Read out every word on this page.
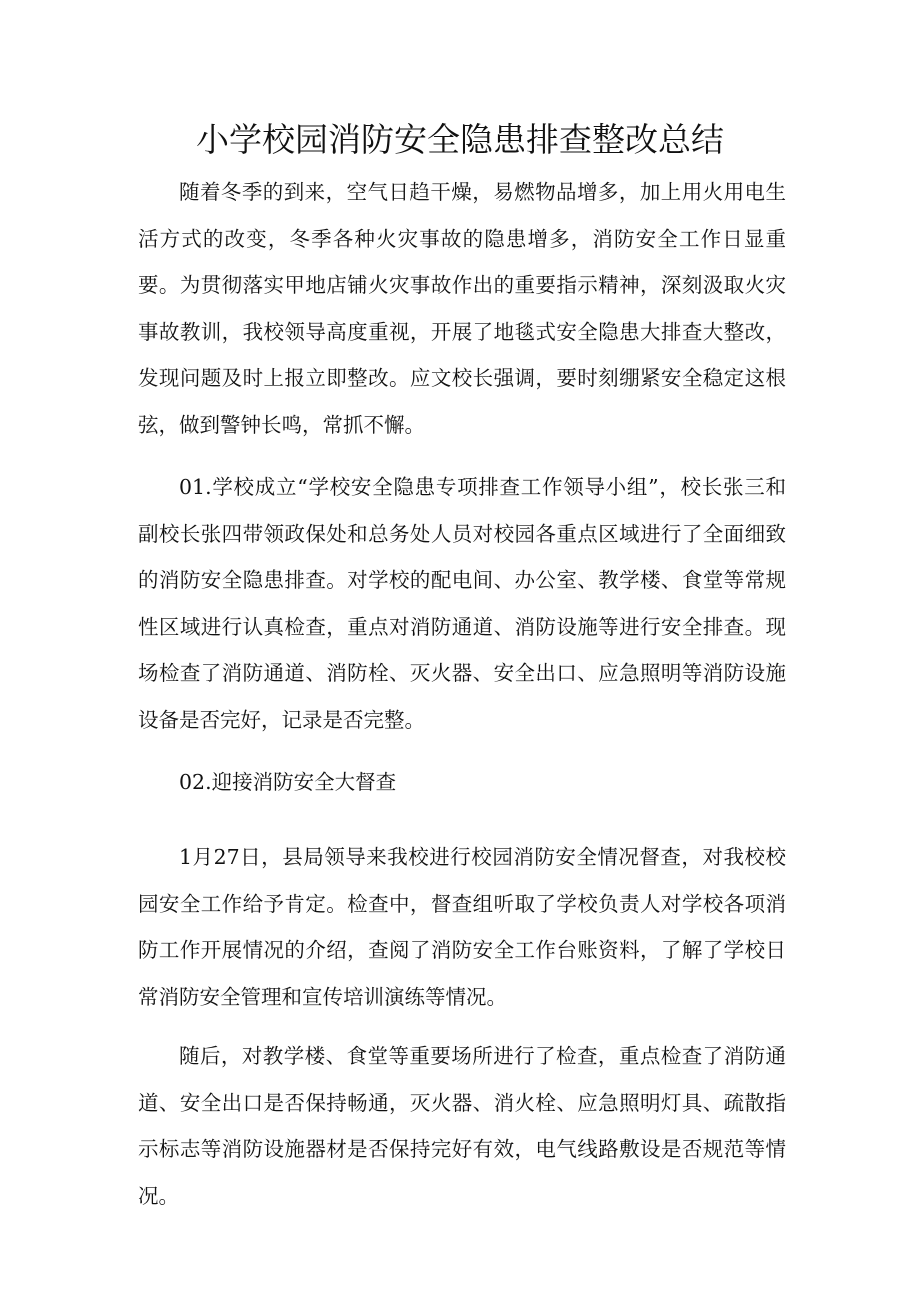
小学校园消防安全隐患排查整改总结

随着冬季的到来，空气日趋干燥，易燃物品增多，加上用火用电生活方式的改变，冬季各种火灾事故的隐患增多，消防安全工作日显重要。为贯彻落实甲地店铺火灾事故作出的重要指示精神，深刻汲取火灾事故教训，我校领导高度重视，开展了地毯式安全隐患大排查大整改，发现问题及时上报立即整改。应文校长强调，要时刻绷紧安全稳定这根弦，做到警钟长鸣，常抓不懈。

01.学校成立“学校安全隐患专项排查工作领导小组”，校长张三和副校长张四带领政保处和总务处人员对校园各重点区域进行了全面细致的消防安全隐患排查。对学校的配电间、办公室、教学楼、食堂等常规性区域进行认真检查，重点对消防通道、消防设施等进行安全排查。现场检查了消防通道、消防栓、灭火器、安全出口、应急照明等消防设施设备是否完好，记录是否完整。

02.迎接消防安全大督查

1月27日，县局领导来我校进行校园消防安全情况督查，对我校校园安全工作给予肯定。检查中，督查组听取了学校负责人对学校各项消防工作开展情况的介绍，查阅了消防安全工作台账资料，了解了学校日常消防安全管理和宣传培训演练等情况。

随后，对教学楼、食堂等重要场所进行了检查，重点检查了消防通道、安全出口是否保持畅通，灭火器、消火栓、应急照明灯具、疏散指示标志等消防设施器材是否保持完好有效，电气线路敷设是否规范等情况。
